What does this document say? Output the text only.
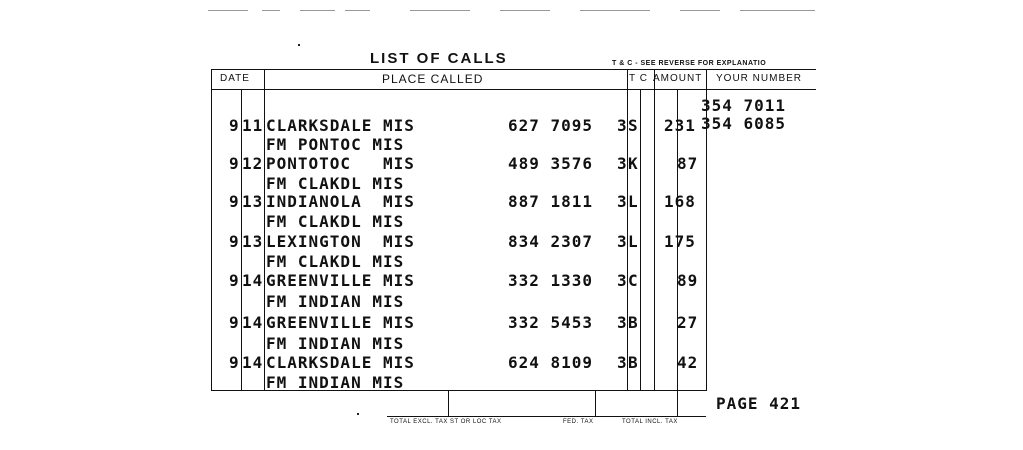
LIST OF CALLS	T & C - SEE REVERSE FOR EXPLANATIO
DATE	PLACE CALLED	T C AMOUNT YOUR NUMBER
354 7011
354 6085
9 11 CLARKSDALE MIS	627 7095 3 S 231
FM PONTOC MIS
9 12 PONTOTOC   MIS	489 3576 3 K 87
FM CLAKDL MIS
9 13 INDIANOLA  MIS	887 1811 3 L 168
FM CLAKDL MIS
9 13 LEXINGTON  MIS	834 2307 3 L 175
FM CLAKDL MIS
9 14 GREENVILLE MIS	332 1330 3 C 89
FM INDIAN MIS
9 14 GREENVILLE MIS	332 5453 3 B 27
FM INDIAN MIS
9 14 CLARKSDALE MIS	624 8109 3 B 42
FM INDIAN MIS
TOTAL EXCL. TAX ST OR LOC TAX	FED. TAX	TOTAL INCL. TAX
PAGE 421
